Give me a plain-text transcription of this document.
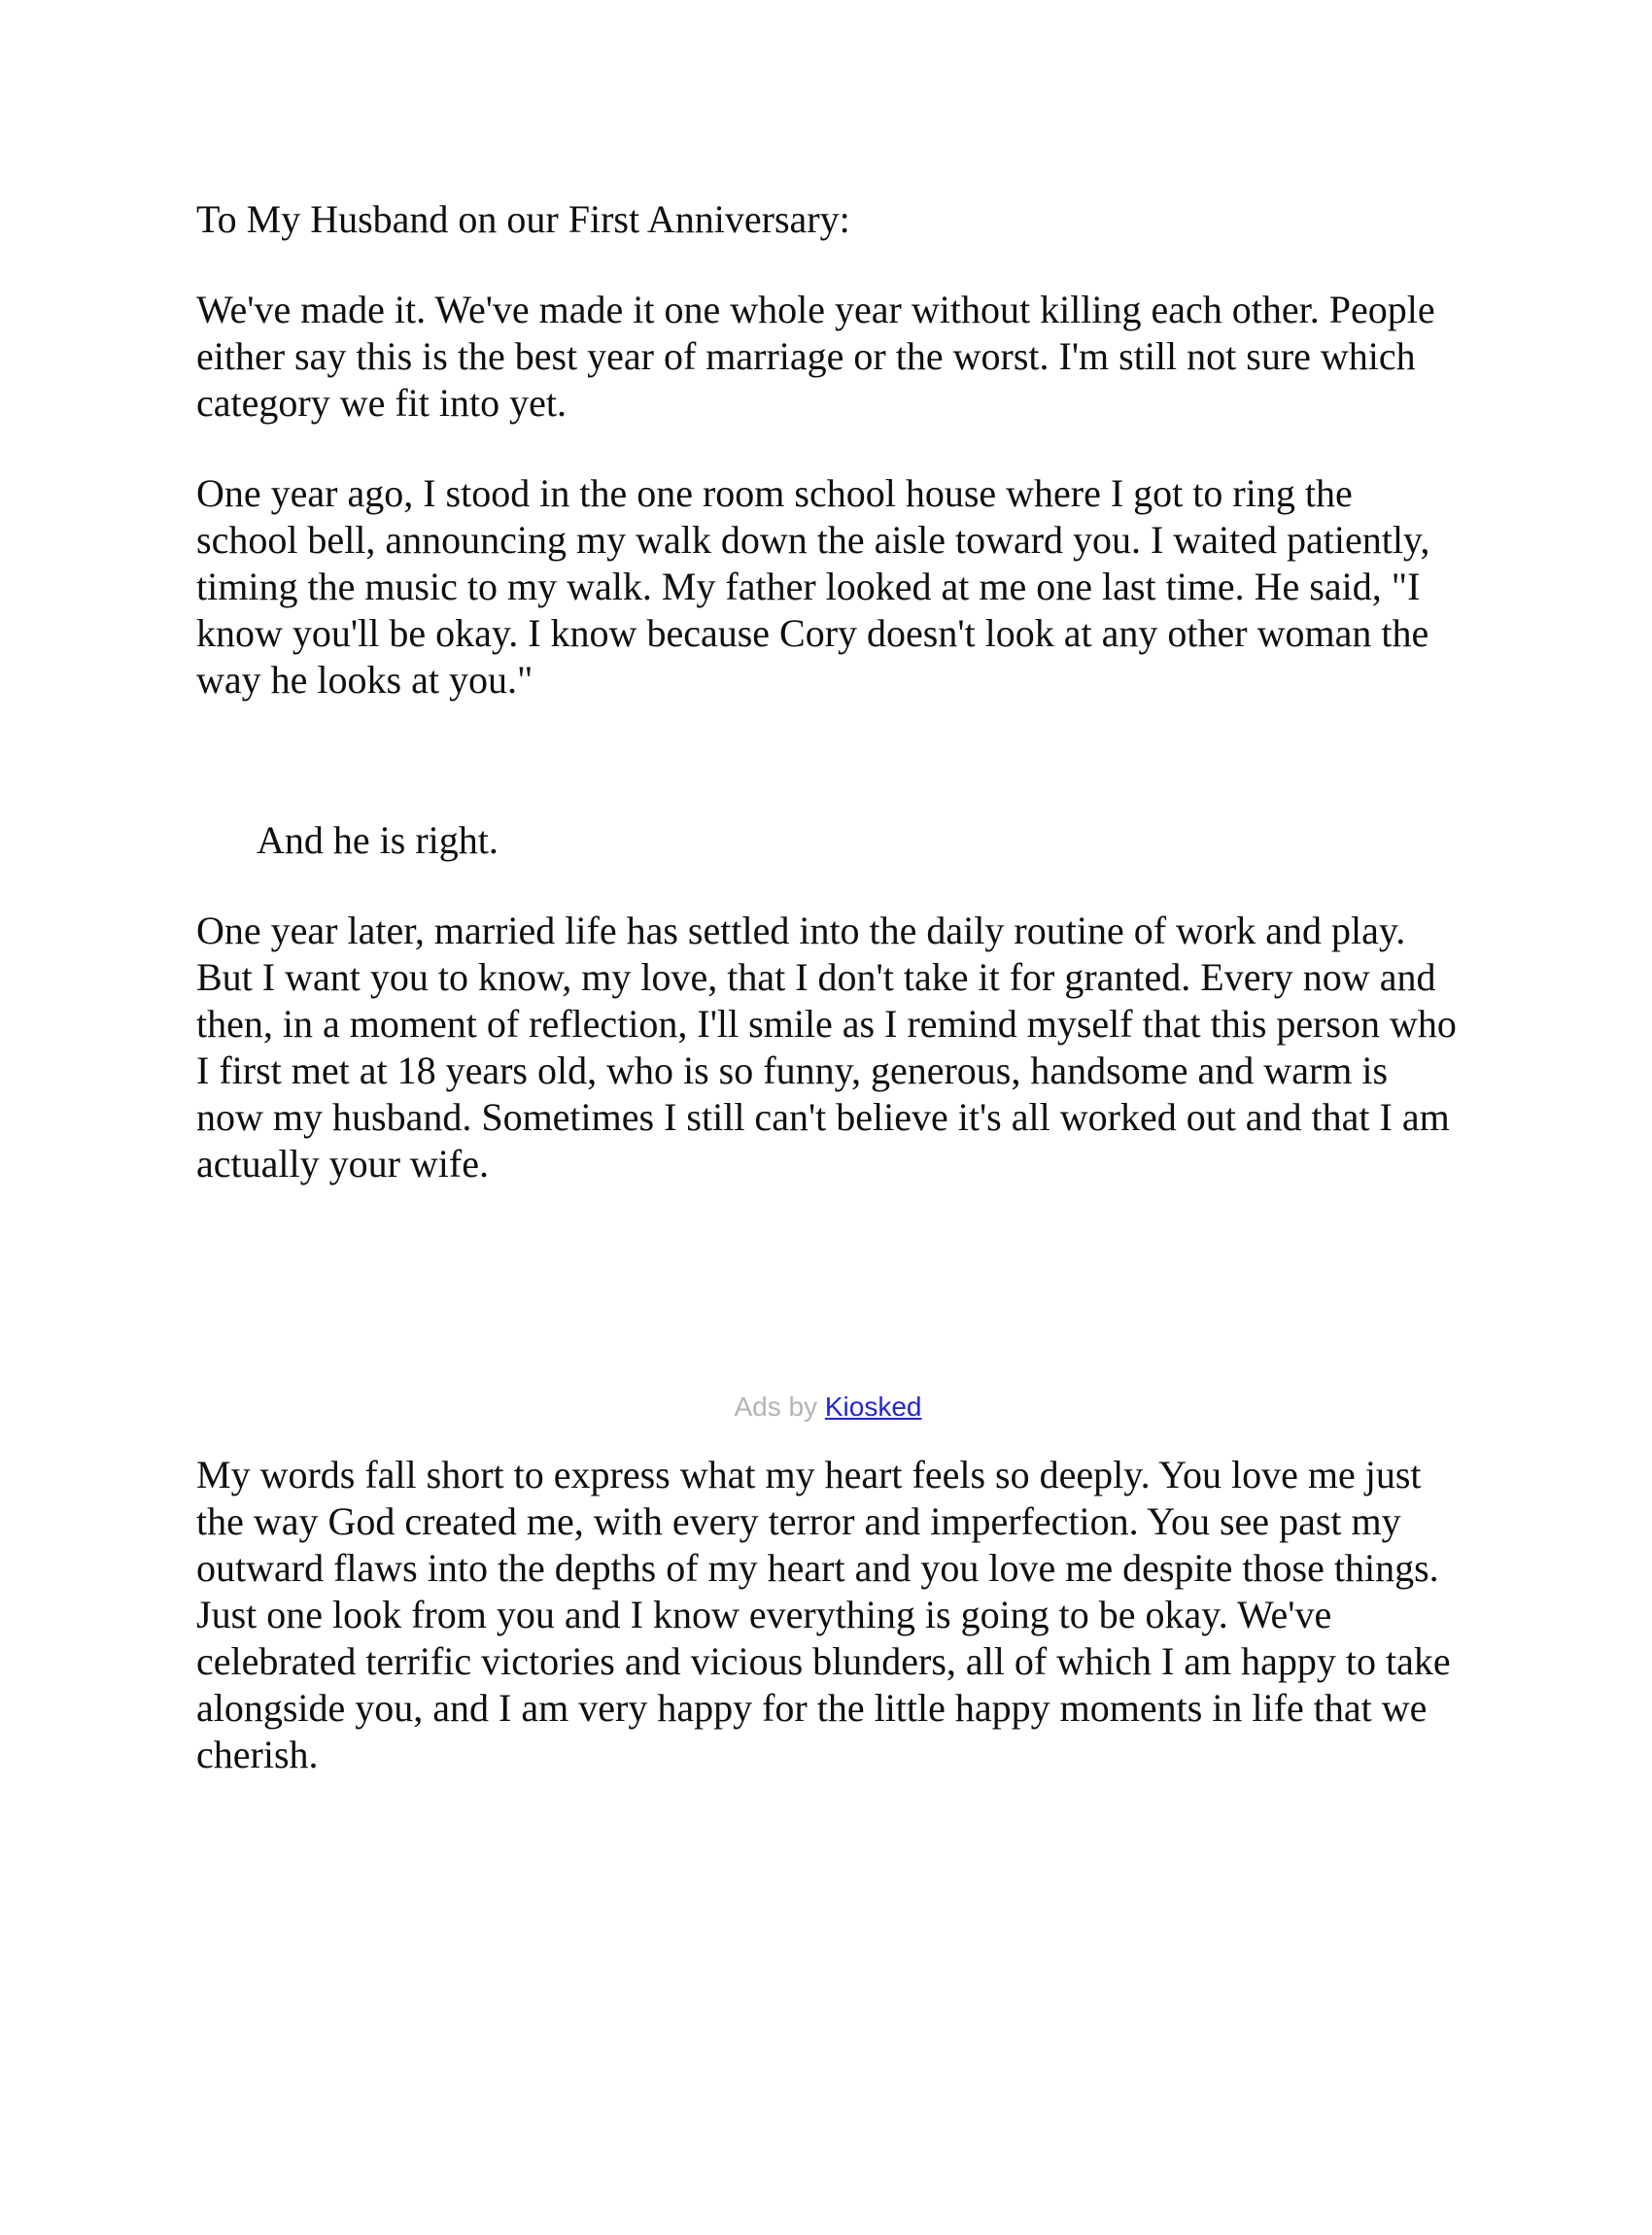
To My Husband on our First Anniversary:

We've made it. We've made it one whole year without killing each other. People either say this is the best year of marriage or the worst. I'm still not sure which category we fit into yet.

One year ago, I stood in the one room school house where I got to ring the school bell, announcing my walk down the aisle toward you. I waited patiently, timing the music to my walk. My father looked at me one last time. He said, "I know you'll be okay. I know because Cory doesn't look at any other woman the way he looks at you."

And he is right.

One year later, married life has settled into the daily routine of work and play. But I want you to know, my love, that I don't take it for granted. Every now and then, in a moment of reflection, I'll smile as I remind myself that this person who I first met at 18 years old, who is so funny, generous, handsome and warm is now my husband. Sometimes I still can't believe it's all worked out and that I am actually your wife.

Ads by Kiosked

My words fall short to express what my heart feels so deeply. You love me just the way God created me, with every terror and imperfection. You see past my outward flaws into the depths of my heart and you love me despite those things. Just one look from you and I know everything is going to be okay. We've celebrated terrific victories and vicious blunders, all of which I am happy to take alongside you, and I am very happy for the little happy moments in life that we cherish.
